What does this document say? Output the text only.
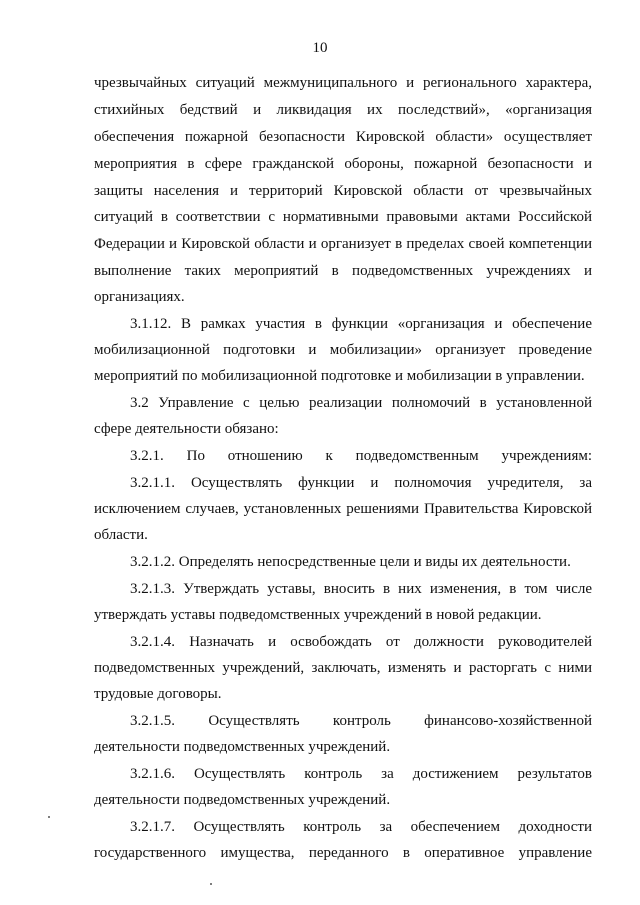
10
чрезвычайных ситуаций межмуниципального и регионального характера,
стихийных бедствий и ликвидация их последствий», «организация
обеспечения пожарной безопасности Кировской области» осуществляет
мероприятия в сфере гражданской обороны, пожарной безопасности и
защиты населения и территорий Кировской области от чрезвычайных
ситуаций в соответствии с нормативными правовыми актами Российской
Федерации и Кировской области и организует в пределах своей компетенции
выполнение таких мероприятий в подведомственных учреждениях и
организациях.
3.1.12. В рамках участия в функции «организация и обеспечение
мобилизационной подготовки и мобилизации» организует проведение
мероприятий по мобилизационной подготовке и мобилизации в управлении.
3.2 Управление с целью реализации полномочий в установленной
сфере деятельности обязано:
3.2.1. По отношению к подведомственным учреждениям:
3.2.1.1. Осуществлять функции и полномочия учредителя, за
исключением случаев, установленных решениями Правительства Кировской
области.
3.2.1.2. Определять непосредственные цели и виды их деятельности.
3.2.1.3. Утверждать уставы, вносить в них изменения, в том числе
утверждать уставы подведомственных учреждений в новой редакции.
3.2.1.4. Назначать и освобождать от должности руководителей
подведомственных учреждений, заключать, изменять и расторгать с ними
трудовые договоры.
3.2.1.5. Осуществлять контроль финансово-хозяйственной
деятельности подведомственных учреждений.
3.2.1.6. Осуществлять контроль за достижением результатов
деятельности подведомственных учреждений.
3.2.1.7. Осуществлять контроль за обеспечением доходности
государственного имущества, переданного в оперативное управление
